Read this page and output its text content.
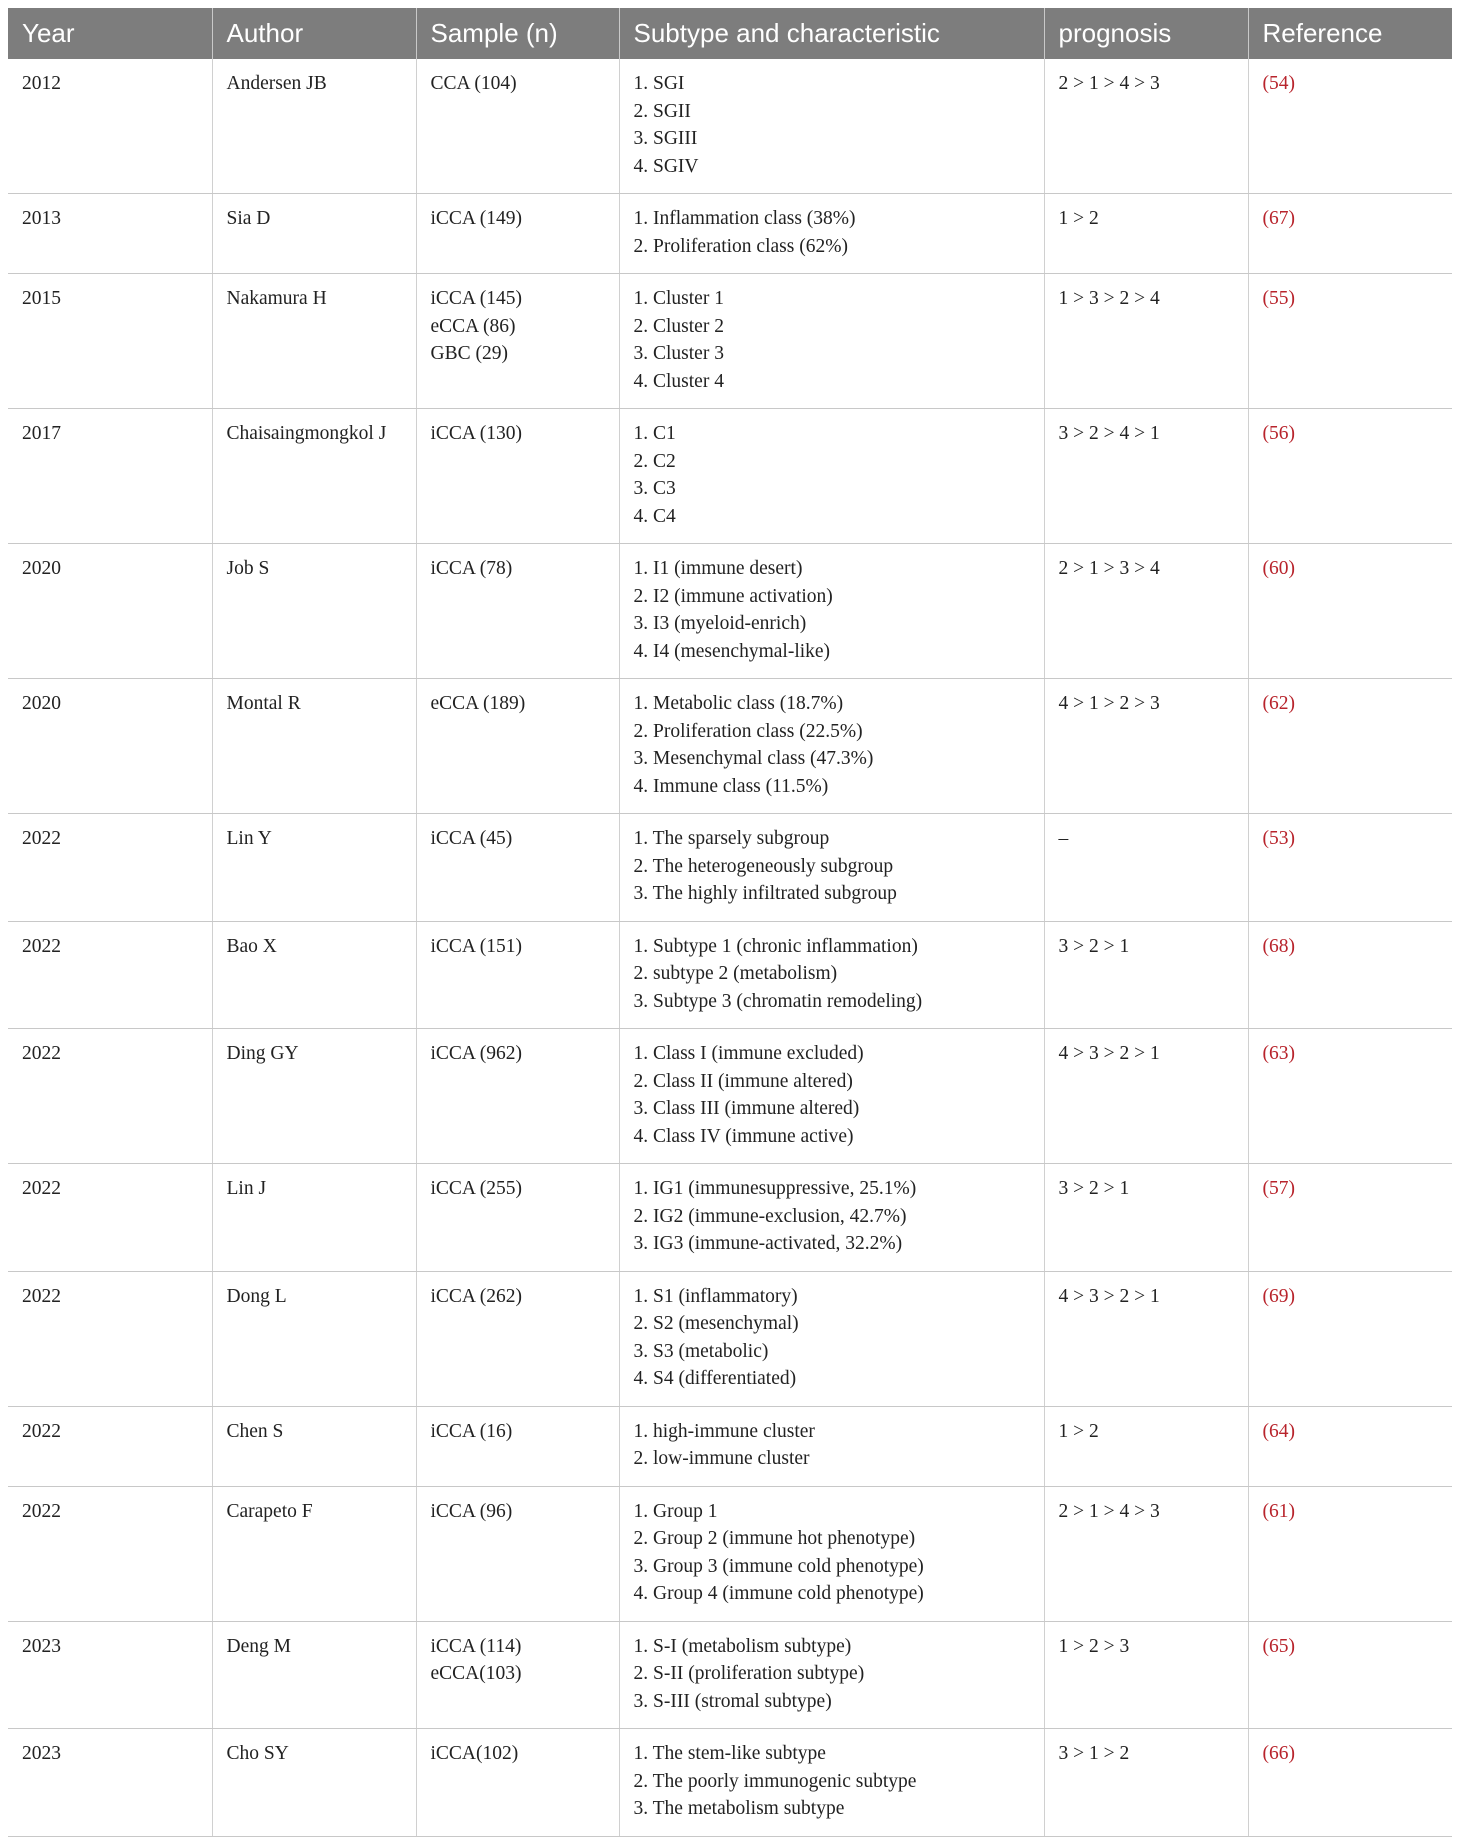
Year	Author	Sample (n)	Subtype and characteristic	prognosis	Reference
2012	Andersen JB	CCA (104)	1. SGI
2. SGII
3. SGIII
4. SGIV	2 > 1 > 4 > 3	(54)
2013	Sia D	iCCA (149)	1. Inflammation class (38%)
2. Proliferation class (62%)	1 > 2	(67)
2015	Nakamura H	iCCA (145)
eCCA (86)
GBC (29)	1. Cluster 1
2. Cluster 2
3. Cluster 3
4. Cluster 4	1 > 3 > 2 > 4	(55)
2017	Chaisaingmongkol J	iCCA (130)	1. C1
2. C2
3. C3
4. C4	3 > 2 > 4 > 1	(56)
2020	Job S	iCCA (78)	1. I1 (immune desert)
2. I2 (immune activation)
3. I3 (myeloid-enrich)
4. I4 (mesenchymal-like)	2 > 1 > 3 > 4	(60)
2020	Montal R	eCCA (189)	1. Metabolic class (18.7%)
2. Proliferation class (22.5%)
3. Mesenchymal class (47.3%)
4. Immune class (11.5%)	4 > 1 > 2 > 3	(62)
2022	Lin Y	iCCA (45)	1. The sparsely subgroup
2. The heterogeneously subgroup
3. The highly infiltrated subgroup	–	(53)
2022	Bao X	iCCA (151)	1. Subtype 1 (chronic inflammation)
2. subtype 2 (metabolism)
3. Subtype 3 (chromatin remodeling)	3 > 2 > 1	(68)
2022	Ding GY	iCCA (962)	1. Class I (immune excluded)
2. Class II (immune altered)
3. Class III (immune altered)
4. Class IV (immune active)	4 > 3 > 2 > 1	(63)
2022	Lin J	iCCA (255)	1. IG1 (immunesuppressive, 25.1%)
2. IG2 (immune-exclusion, 42.7%)
3. IG3 (immune-activated, 32.2%)	3 > 2 > 1	(57)
2022	Dong L	iCCA (262)	1. S1 (inflammatory)
2. S2 (mesenchymal)
3. S3 (metabolic)
4. S4 (differentiated)	4 > 3 > 2 > 1	(69)
2022	Chen S	iCCA (16)	1. high-immune cluster
2. low-immune cluster	1 > 2	(64)
2022	Carapeto F	iCCA (96)	1. Group 1
2. Group 2 (immune hot phenotype)
3. Group 3 (immune cold phenotype)
4. Group 4 (immune cold phenotype)	2 > 1 > 4 > 3	(61)
2023	Deng M	iCCA (114)
eCCA(103)	1. S-I (metabolism subtype)
2. S-II (proliferation subtype)
3. S-III (stromal subtype)	1 > 2 > 3	(65)
2023	Cho SY	iCCA(102)	1. The stem-like subtype
2. The poorly immunogenic subtype
3. The metabolism subtype	3 > 1 > 2	(66)
